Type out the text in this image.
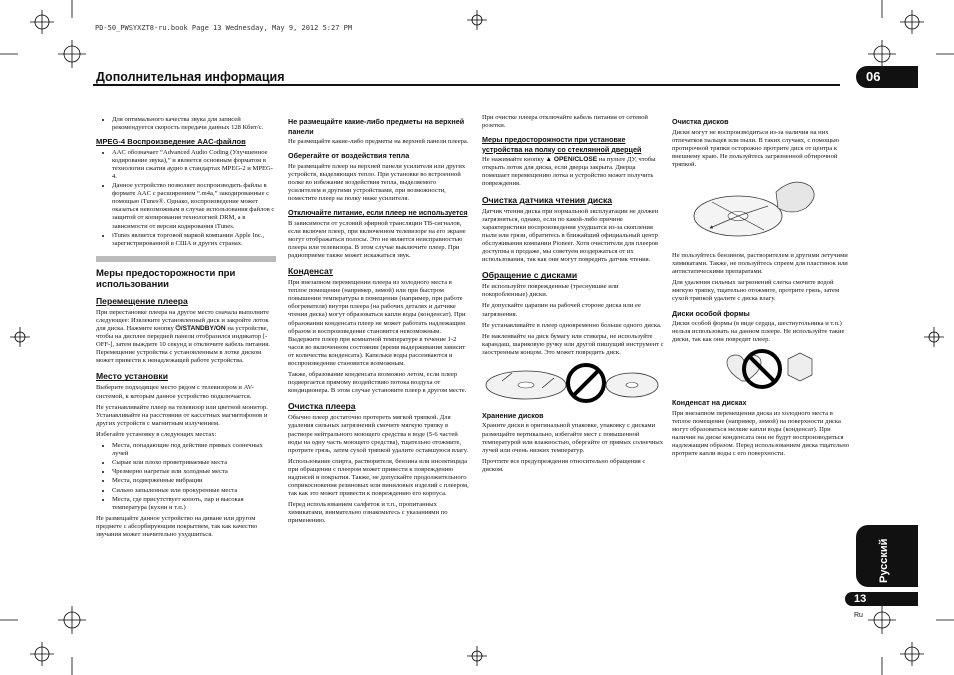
PD-50_PWSYXZT8-ru.book Page 13 Wednesday, May 9, 2012 5:27 PM
Дополнительная информация	06
Русский
13
Ru
• Для оптимального качества звука для записей рекомендуется скорость передачи данных 128 Кбит/с.
MPEG-4 Воспроизведение AAC-файлов
• AAC обозначает “Advanced Audio Coding (Улучшенное кодирование звука),” и является основным форматом в технологии сжатия аудио в стандартах MPEG-2 и MPEG-4.
• Данное устройство позволяет воспроизводить файлы в формате AAC с расширением “.m4a,” закодированные с помощью iTunes®. Однако, воспроизведение может оказаться невозможным в случае использования файлов с защитой от копирования технологией DRM, а в зависимости от версии кодирования iTunes.
• iTunes является торговой маркой компании Apple Inc., зарегистрированной в США и других странах.
Меры предосторожности при использовании
Перемещение плеера

При перестановке плеера на другое место сначала выполните следующее: Извлеките установленный диск и закройте лоток для диска. Нажмите кнопку ⏻/STANDBY/ON на устройстве, чтобы на дисплее передней панели отобразился индикатор [-OFF-], затем выждите 10 секунд и отключите кабель питания. Перемещение устройства с установленным в лотке диском может привести к ненадлежащей работе устройства.

Место установки

Выберите подходящее место рядом с телевизором и AV-системой, к которым данное устройство подключается.

Не устанавливайте плеер на телевизор или цветной монитор. Устанавливайте на расстоянии от кассетных магнитофонов и других устройств с магнитным излучением.

Избегайте установку в следующих местах:

• Места, попадающие под действие прямых солнечных лучей
• Сырые или плохо проветриваемые места
• Чрезмерно нагретые или холодные места
• Места, подверженные вибрации
• Сильно запыленные или прокуренные места
• Места, где присутствует копоть, пар и высокая температура (кухни и т.п.)

Не размещайте данное устройство на диване или другом предмете с абсорбирующим покрытием, так как качество звучания может значительно ухудшиться.

Не размещайте какие-либо предметы на верхней панели

Не размещайте какие-либо предметы на верхней панели плеера.

Оберегайте от воздействия тепла

Не размещайте плеер на верхней панели усилителя или других устройств, выделяющих тепло. При установке во встроенной полке во избежание воздействия тепла, выделяемого усилителем и другими устройствами, при возможности, поместите плеер на полку ниже усилителя.

Отключайте питание, если плеер не используется

В зависимости от условий эфирной трансляции ТВ-сигналов, если включен плеер, при включенном телевизоре на его экране могут отображаться полосы. Это не является неисправностью плеера или телевизора. В этом случае выключите плеер. При радиоприеме также может искажаться звук.

Конденсат

При внезапном перемещении плеера из холодного места в теплое помещение (например, зимой) или при быстром повышении температуры в помещении (например, при работе обогревателя) внутри плеера (на рабочих деталях и датчике чтения диска) могут образоваться капли воды (конденсат). При образовании конденсата плеер не может работать надлежащим образом и воспроизведение становится невозможным. Выдержите плеер при комнатной температуре в течение 1-2 часов во включенном состоянии (время выдерживания зависит от количества конденсата). Капельки воды рассеиваются и воспроизведение становится возможным.

Также, образование конденсата возможно летом, если плеер подвергается прямому воздействию потока воздуха от кондиционера. В этом случае установите плеер в другом месте.

Очистка плеера

Обычно плеер достаточно протереть мягкой тряпкой. Для удаления сильных загрязнений смочите мягкую тряпку в растворе нейтрального моющего средства в воде (5-6 частей воды на одну часть моющего средства), тщательно отожмите, протрите грязь, затем сухой тряпкой удалите оставшуюся влагу.

Использование спирта, растворителя, бензина или инсектицида при обращении с плеером может привести к повреждению надписей и покрытия. Также, не допускайте продолжительного соприкосновения резиновых или виниловых изделий с плеером, так как это может привести к повреждению его корпуса.

Перед использованием салфеток и т.п., пропитанных химикатами, внимательно ознакомьтесь с указаниями по применению.

При очистке плеера отключайте кабель питания от сетевой розетки.

Меры предосторожности при установке устройства на полку со стеклянной дверцей

Не нажимайте кнопку ▲ OPEN/CLOSE на пульте ДУ, чтобы открыть лоток для диска, если дверца закрыта. Дверца помешает перемещению лотка и устройство может получить повреждения.

Очистка датчика чтения диска

Датчик чтения диска при нормальной эксплуатации не должен загрязняться, однако, если по какой-либо причине характеристики воспроизведения ухудшатся из-за скопления пыли или грязи, обратитесь в ближайший официальный центр обслуживания компании Pioneer. Хотя очистители для плееров доступны в продаже, мы советуем воздержаться от их использования, так как они могут повредить датчик чтения.

Обращение с дисками

Не используйте поврежденные (треснувшие или покоробленные) диски.

Не допускайте царапин на рабочей стороне диска или ее загрязнения.

Не устанавливайте в плеер одновременно больше одного диска.

Не наклеивайте на диск бумагу или стикеры, не используйте карандаш, шариковую ручку или другой пишущий инструмент с заостренным концом. Это может повредить диск.

Хранение дисков

Храните диски в оригинальной упаковке, упаковку с дисками размещайте вертикально, избегайте мест с повышенной температурой или влажностью, обергайте от прямых солнечных лучей или очень низких температур.

Прочтите все предупреждения относительно обращения с диском.

Очистка дисков

Диски могут не воспроизводиться из-за наличия на них отпечатков пальцев или пыли. В таких случаях, с помощью протирочной тряпки осторожно протрите диск от центра к внешнему краю. Не пользуйтесь загрязненной обтирочной тряпкой.

Не пользуйтесь бензином, растворителем и другими летучими химикатами. Также, не пользуйтесь спреем для пластинок или антистатическими препаратами.

Для удаления сильных загрязнений слегка смочите водой мягкую тряпку, тщательно отожмите, протрите грязь, затем сухой тряпкой удалите с диска влагу.

Диски особой формы

Диски особой формы (в виде сердца, шестиугольника и т.п.) нельзя использовать на данном плеере. Не используйте такие диски, так как они повредят плеер.

Конденсат на дисках

При внезапном перемещении диска из холодного места в теплое помещение (например, зимой) на поверхности диска могут образоваться мелкие капли воды (конденсат). При наличии на диске конденсата они не будут воспроизводиться надлежащим образом. Перед использованием диска тщательно протрите капли воды с его поверхности.
